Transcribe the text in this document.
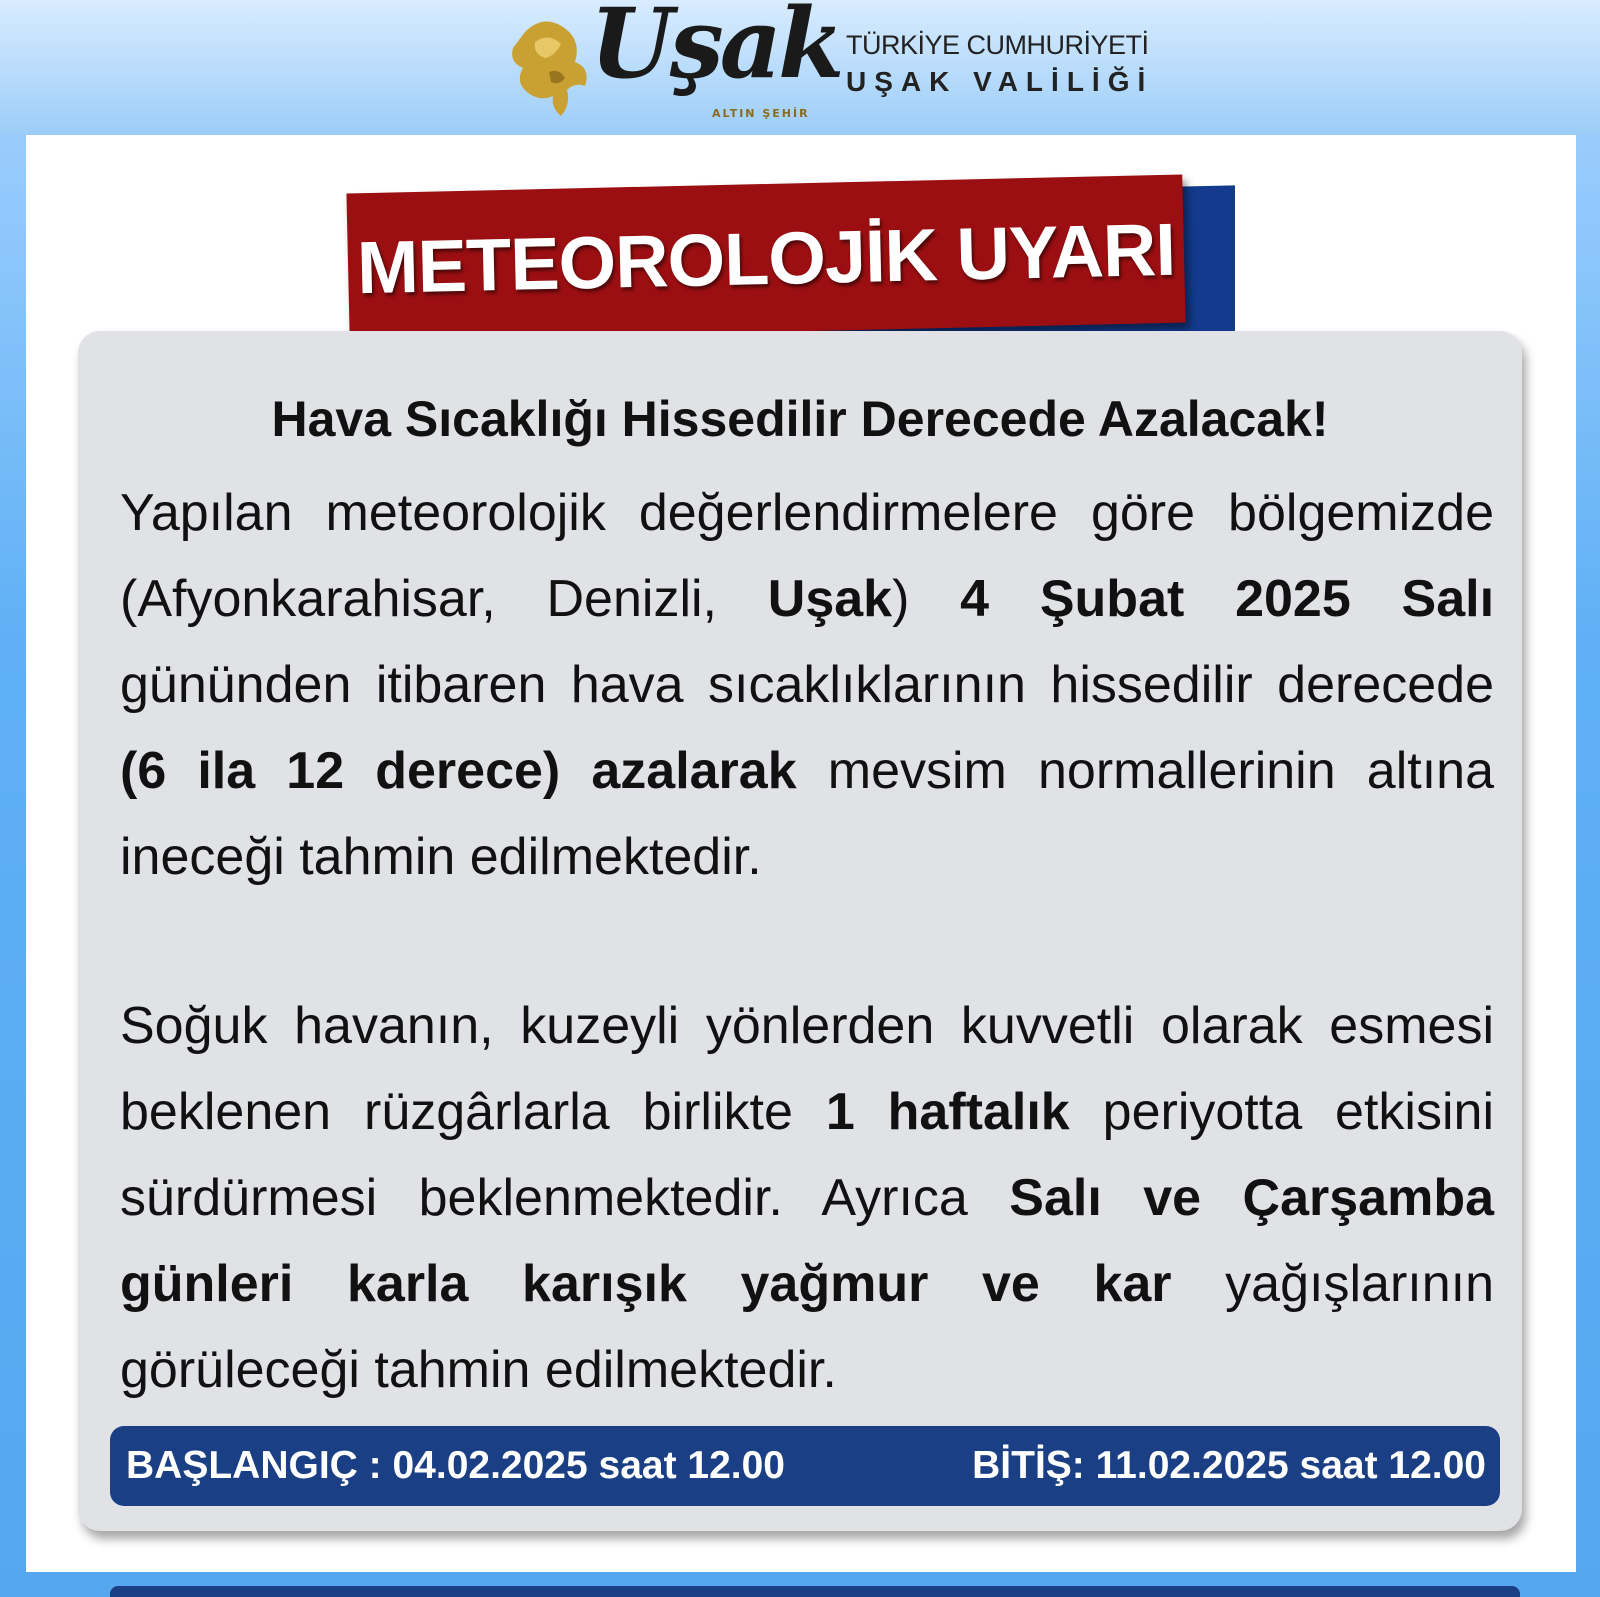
Uşak
ALTIN ŞEHİR
TÜRKİYE CUMHURİYETİ
UŞAK VALİLİĞİ
METEOROLOJİK UYARI
Hava Sıcaklığı Hissedilir Derecede Azalacak!

Yapılan meteorolojik değerlendirmelere göre bölgemizde (Afyonkarahisar, Denizli, Uşak) 4 Şubat 2025 Salı gününden itibaren hava sıcaklıklarının hissedilir derecede (6 ila 12 derece) azalarak mevsim normallerinin altına ineceği tahmin edilmektedir.

Soğuk havanın, kuzeyli yönlerden kuvvetli olarak esmesi beklenen rüzgârlarla birlikte 1 haftalık periyotta etkisini sürdürmesi beklenmektedir. Ayrıca Salı ve Çarşamba günleri karla karışık yağmur ve kar yağışlarının görüleceği tahmin edilmektedir.

BAŞLANGIÇ : 04.02.2025 saat 12.00	BİTİŞ: 11.02.2025 saat 12.00
